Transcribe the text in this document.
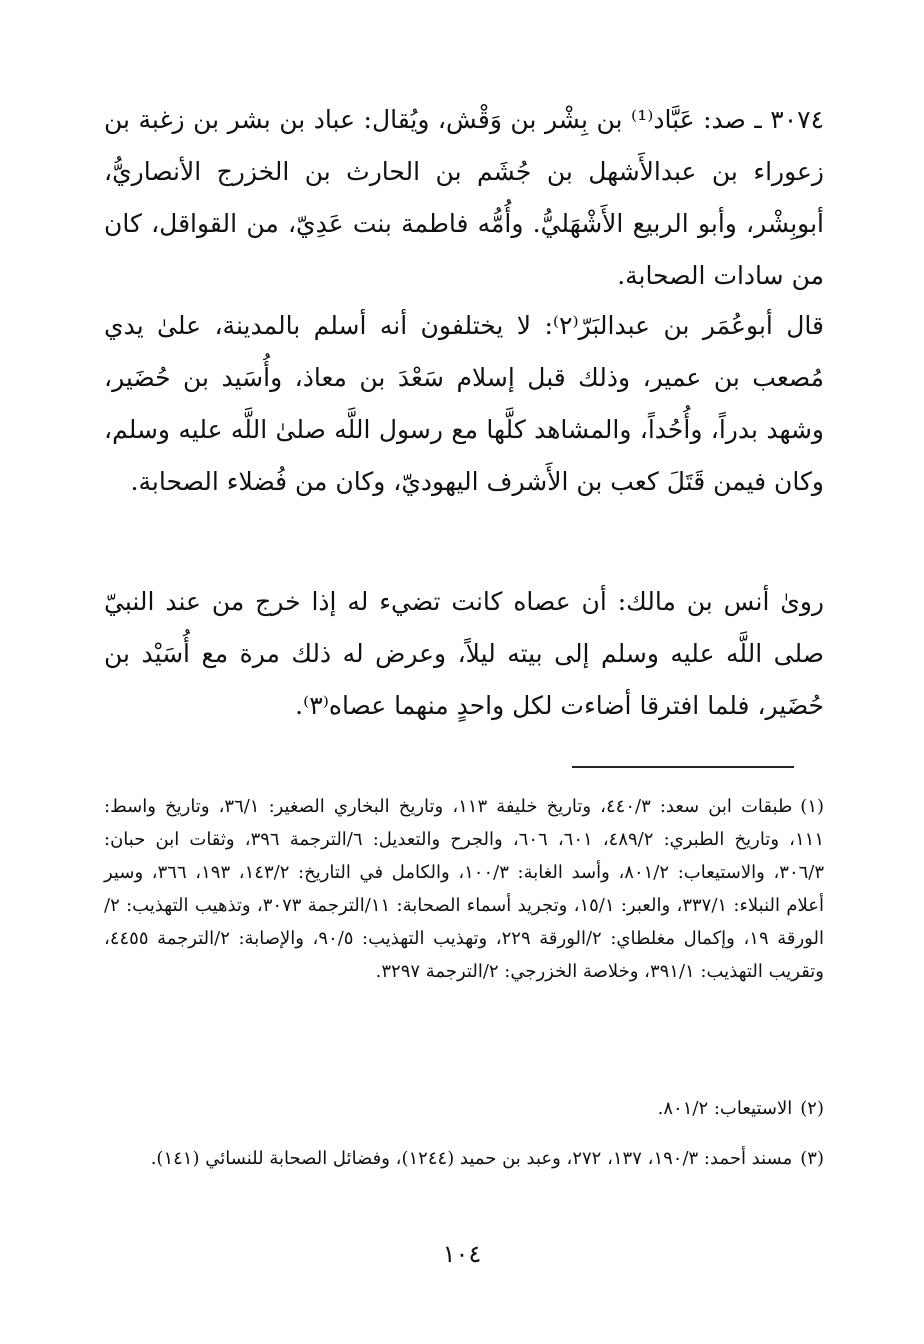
٣٠٧٤ ـ صد: عَبَّاد⁽¹⁾ بن بِشْر بن وَقْش، ويُقال: عباد بن بشر بن زغبة بن زعوراء بن عبدالأَشهل بن جُشَم بن الحارث بن الخزرج الأنصاريُّ، أبوبِشْر، وأبو الربيع الأَشْهَليُّ. وأُمُّه فاطمة بنت عَدِيّ، من القواقل، كان من سادات الصحابة.

قال أبوعُمَر بن عبدالبَرّ⁽٢⁾: لا يختلفون أنه أسلم بالمدينة، علىٰ يدي مُصعب بن عمير، وذلك قبل إسلام سَعْدَ بن معاذ، وأُسَيد بن حُضَير، وشهد بدراً، وأُحُداً، والمشاهد كلَّها مع رسول اللَّه صلىٰ اللَّه عليه وسلم، وكان فيمن قَتَلَ كعب بن الأَشرف اليهوديّ، وكان من فُضلاء الصحابة.

روىٰ أنس بن مالك: أن عصاه كانت تضيء له إذا خرج من عند النبيّ صلى اللَّه عليه وسلم إلى بيته ليلاً، وعرض له ذلك مرة مع أُسَيْد بن حُضَير، فلما افترقا أضاءت لكل واحدٍ منهما عصاه⁽٣⁾.

(١)طبقات ابن سعد: ٤٤٠/٣، وتاريخ خليفة ١١٣، وتاريخ البخاري الصغير: ٣٦/١، وتاريخ واسط: ١١١، وتاريخ الطبري: ٤٨٩/٢، ٦٠١، ٦٠٦، والجرح والتعديل: ٦/الترجمة ٣٩٦، وثقات ابن حبان: ٣٠٦/٣، والاستيعاب: ٨٠١/٢، وأسد الغابة: ١٠٠/٣، والكامل في التاريخ: ١٤٣/٢، ١٩٣، ٣٦٦، وسير أعلام النبلاء: ٣٣٧/١، والعبر: ١٥/١، وتجريد أسماء الصحابة: ١١/الترجمة ٣٠٧٣، وتذهيب التهذيب: ٢/الورقة ١٩، وإكمال مغلطاي: ٢/الورقة ٢٢٩، وتهذيب التهذيب: ٩٠/٥، والإصابة: ٢/الترجمة ٤٤٥٥، وتقريب التهذيب: ٣٩١/١، وخلاصة الخزرجي: ٢/الترجمة ٣٢٩٧.

(٢)الاستيعاب: ٨٠١/٢.

(٣)مسند أحمد: ١٩٠/٣، ١٣٧، ٢٧٢، وعبد بن حميد (١٢٤٤)، وفضائل الصحابة للنسائي (١٤١).

١٠٤
